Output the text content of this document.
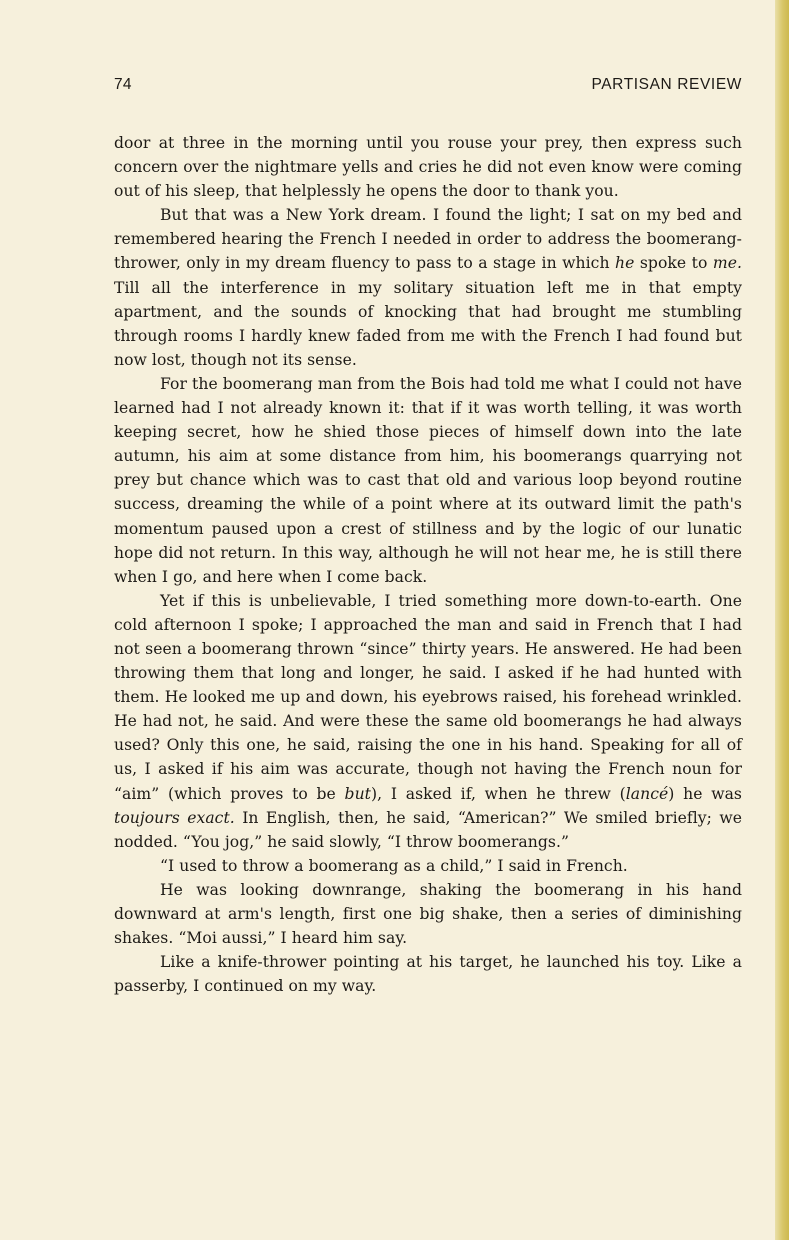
74	PARTISAN REVIEW

door at three in the morning until you rouse your prey, then express such concern over the nightmare yells and cries he did not even know were coming out of his sleep, that helplessly he opens the door to thank you.

But that was a New York dream. I found the light; I sat on my bed and remembered hearing the French I needed in order to address the boomerang-thrower, only in my dream fluency to pass to a stage in which he spoke to me. Till all the interference in my solitary situation left me in that empty apartment, and the sounds of knocking that had brought me stumbling through rooms I hardly knew faded from me with the French I had found but now lost, though not its sense.

For the boomerang man from the Bois had told me what I could not have learned had I not already known it: that if it was worth telling, it was worth keeping secret, how he shied those pieces of himself down into the late autumn, his aim at some distance from him, his boomerangs quarrying not prey but chance which was to cast that old and various loop beyond routine success, dreaming the while of a point where at its outward limit the path's momentum paused upon a crest of stillness and by the logic of our lunatic hope did not return. In this way, although he will not hear me, he is still there when I go, and here when I come back.

Yet if this is unbelievable, I tried something more down-to-earth. One cold afternoon I spoke; I approached the man and said in French that I had not seen a boomerang thrown “since” thirty years. He answered. He had been throwing them that long and longer, he said. I asked if he had hunted with them. He looked me up and down, his eyebrows raised, his forehead wrinkled. He had not, he said. And were these the same old boomerangs he had always used? Only this one, he said, raising the one in his hand. Speaking for all of us, I asked if his aim was accurate, though not having the French noun for “aim” (which proves to be but), I asked if, when he threw (lancé) he was toujours exact. In English, then, he said, “American?” We smiled briefly; we nodded. “You jog,” he said slowly, “I throw boomerangs.”

“I used to throw a boomerang as a child,” I said in French.

He was looking downrange, shaking the boomerang in his hand downward at arm's length, first one big shake, then a series of diminishing shakes. “Moi aussi,” I heard him say.

Like a knife-thrower pointing at his target, he launched his toy. Like a passerby, I continued on my way.
